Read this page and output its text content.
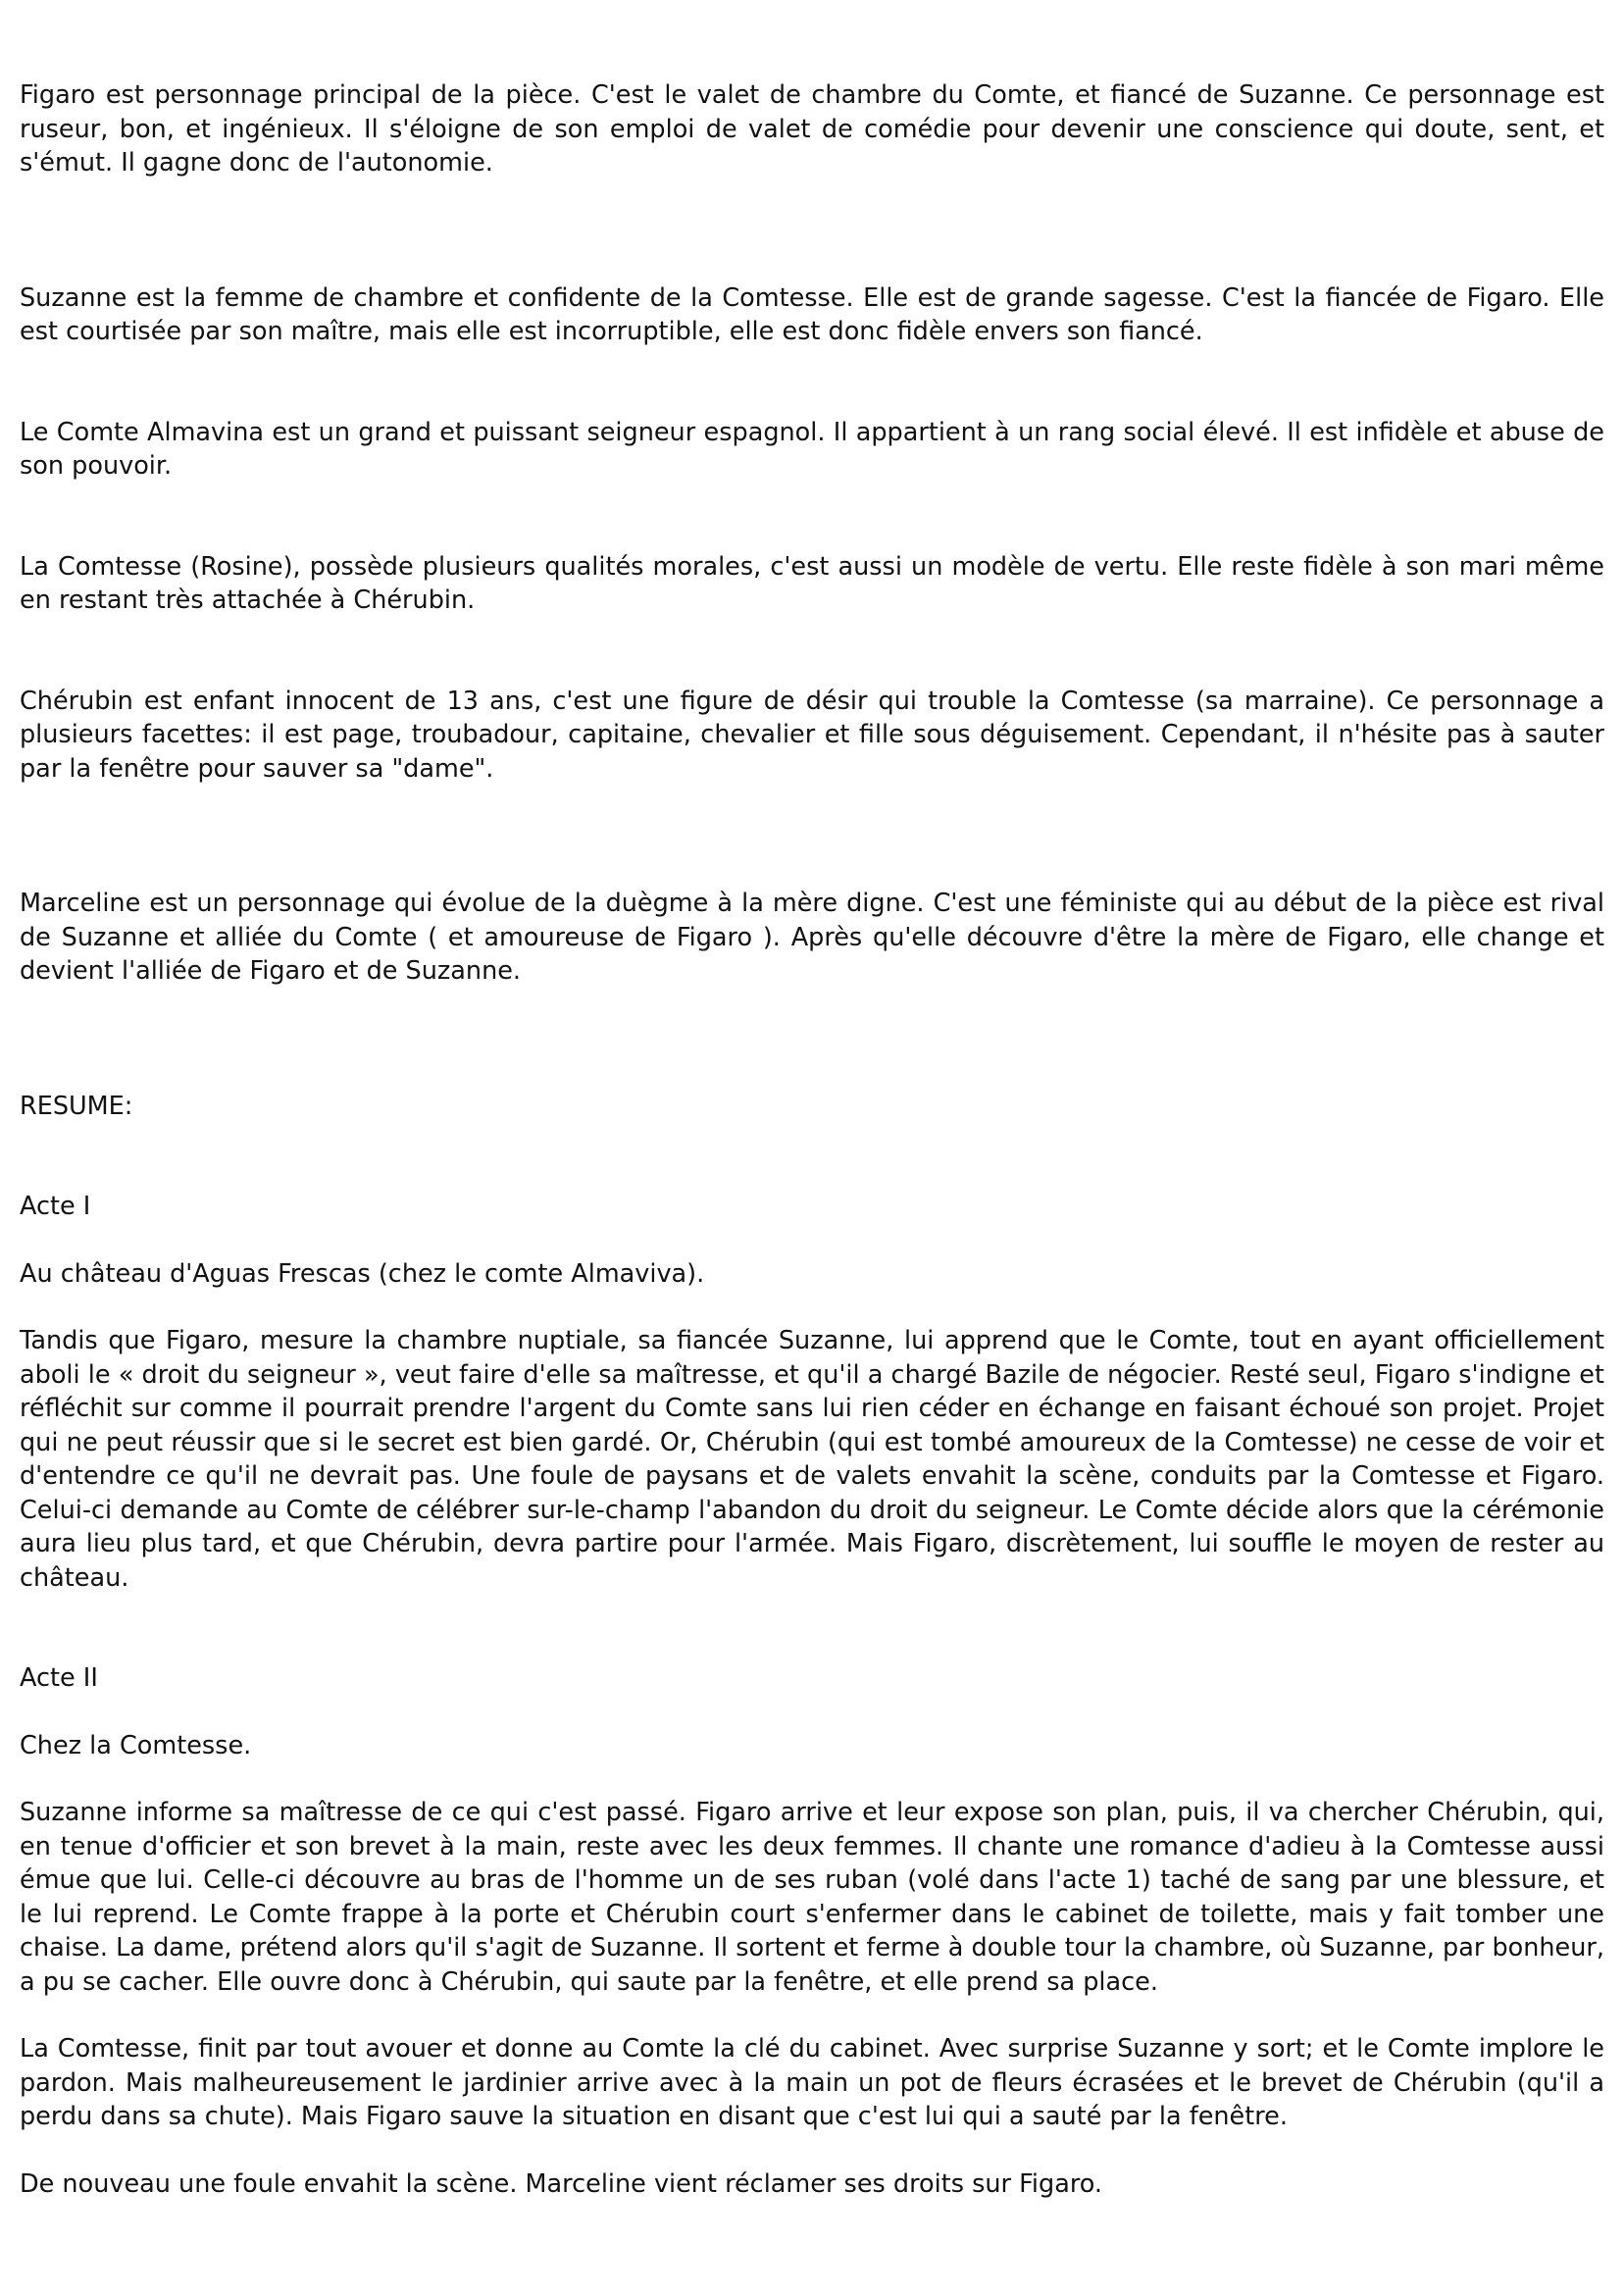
Figaro est personnage principal de la pièce. C'est le valet de chambre du Comte, et fiancé de Suzanne. Ce personnage est ruseur, bon, et ingénieux. Il s'éloigne de son emploi de valet de comédie pour devenir une conscience qui doute, sent, et s'émut. Il gagne donc de l'autonomie.

Suzanne est la femme de chambre et confidente de la Comtesse. Elle est de grande sagesse. C'est la fiancée de Figaro. Elle est courtisée par son maître, mais elle est incorruptible, elle est donc fidèle envers son fiancé.

Le Comte Almavina est un grand et puissant seigneur espagnol. Il appartient à un rang social élevé. Il est infidèle et abuse de son pouvoir.

La Comtesse (Rosine), possède plusieurs qualités morales, c'est aussi un modèle de vertu. Elle reste fidèle à son mari même en restant très attachée à Chérubin.

Chérubin est enfant innocent de 13 ans, c'est une figure de désir qui trouble la Comtesse (sa marraine). Ce personnage a plusieurs facettes: il est page, troubadour, capitaine, chevalier et fille sous déguisement. Cependant, il n'hésite pas à sauter par la fenêtre pour sauver sa "dame".

Marceline est un personnage qui évolue de la duègme à la mère digne. C'est une féministe qui au début de la pièce est rival de Suzanne et alliée du Comte ( et amoureuse de Figaro ). Après qu'elle découvre d'être la mère de Figaro, elle change et devient l'alliée de Figaro et de Suzanne.

RESUME:

Acte I

Au château d'Aguas Frescas (chez le comte Almaviva).

Tandis que Figaro, mesure la chambre nuptiale, sa fiancée Suzanne, lui apprend que le Comte, tout en ayant officiellement aboli le « droit du seigneur », veut faire d'elle sa maîtresse, et qu'il a chargé Bazile de négocier. Resté seul, Figaro s'indigne et réfléchit sur comme il pourrait prendre l'argent du Comte sans lui rien céder en échange en faisant échoué son projet. Projet qui ne peut réussir que si le secret est bien gardé. Or, Chérubin (qui est tombé amoureux de la Comtesse) ne cesse de voir et d'entendre ce qu'il ne devrait pas. Une foule de paysans et de valets envahit la scène, conduits par la Comtesse et Figaro. Celui-ci demande au Comte de célébrer sur-le-champ l'abandon du droit du seigneur. Le Comte décide alors que la cérémonie aura lieu plus tard, et que Chérubin, devra partire pour l'armée. Mais Figaro, discrètement, lui souffle le moyen de rester au château.

Acte II

Chez la Comtesse.

Suzanne informe sa maîtresse de ce qui c'est passé. Figaro arrive et leur expose son plan, puis, il va chercher Chérubin, qui, en tenue d'officier et son brevet à la main, reste avec les deux femmes. Il chante une romance d'adieu à la Comtesse aussi émue que lui. Celle-ci découvre au bras de l'homme un de ses ruban (volé dans l'acte 1) taché de sang par une blessure, et le lui reprend. Le Comte frappe à la porte et Chérubin court s'enfermer dans le cabinet de toilette, mais y fait tomber une chaise. La dame, prétend alors qu'il s'agit de Suzanne. Il sortent et ferme à double tour la chambre, où Suzanne, par bonheur, a pu se cacher. Elle ouvre donc à Chérubin, qui saute par la fenêtre, et elle prend sa place.

La Comtesse, finit par tout avouer et donne au Comte la clé du cabinet. Avec surprise Suzanne y sort; et le Comte implore le pardon. Mais malheureusement le jardinier arrive avec à la main un pot de fleurs écrasées et le brevet de Chérubin (qu'il a perdu dans sa chute). Mais Figaro sauve la situation en disant que c'est lui qui a sauté par la fenêtre.

De nouveau une foule envahit la scène. Marceline vient réclamer ses droits sur Figaro.
